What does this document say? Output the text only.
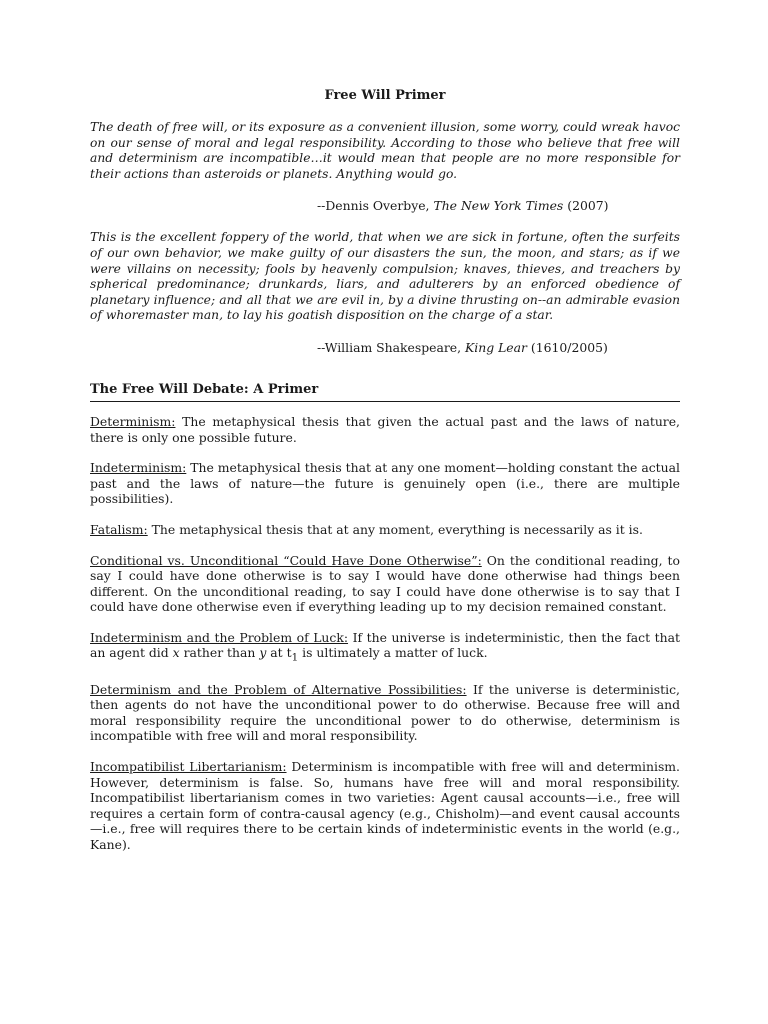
Free Will Primer

The death of free will, or its exposure as a convenient illusion, some worry, could wreak havoc on our sense of moral and legal responsibility. According to those who believe that free will and determinism are incompatible…it would mean that people are no more responsible for their actions than asteroids or planets. Anything would go.

--Dennis Overbye, The New York Times (2007)

This is the excellent foppery of the world, that when we are sick in fortune, often the surfeits of our own behavior, we make guilty of our disasters the sun, the moon, and stars; as if we were villains on necessity; fools by heavenly compulsion; knaves, thieves, and treachers by spherical predominance; drunkards, liars, and adulterers by an enforced obedience of planetary influence; and all that we are evil in, by a divine thrusting on--an admirable evasion of whoremaster man, to lay his goatish disposition on the charge of a star.

--William Shakespeare, King Lear (1610/2005)
The Free Will Debate: A Primer

Determinism: The metaphysical thesis that given the actual past and the laws of nature, there is only one possible future.

Indeterminism: The metaphysical thesis that at any one moment—holding constant the actual past and the laws of nature—the future is genuinely open (i.e., there are multiple possibilities).

Fatalism: The metaphysical thesis that at any moment, everything is necessarily as it is.

Conditional vs. Unconditional “Could Have Done Otherwise”: On the conditional reading, to say I could have done otherwise is to say I would have done otherwise had things been different. On the unconditional reading, to say I could have done otherwise is to say that I could have done otherwise even if everything leading up to my decision remained constant.

Indeterminism and the Problem of Luck: If the universe is indeterministic, then the fact that an agent did x rather than y at $t_1$ is ultimately a matter of luck.

Determinism and the Problem of Alternative Possibilities: If the universe is deterministic, then agents do not have the unconditional power to do otherwise. Because free will and moral responsibility require the unconditional power to do otherwise, determinism is incompatible with free will and moral responsibility.

Incompatibilist Libertarianism: Determinism is incompatible with free will and determinism. However, determinism is false. So, humans have free will and moral responsibility. Incompatibilist libertarianism comes in two varieties: Agent causal accounts—i.e., free will requires a certain form of contra-causal agency (e.g., Chisholm)—and event causal accounts—i.e., free will requires there to be certain kinds of indeterministic events in the world (e.g., Kane).
